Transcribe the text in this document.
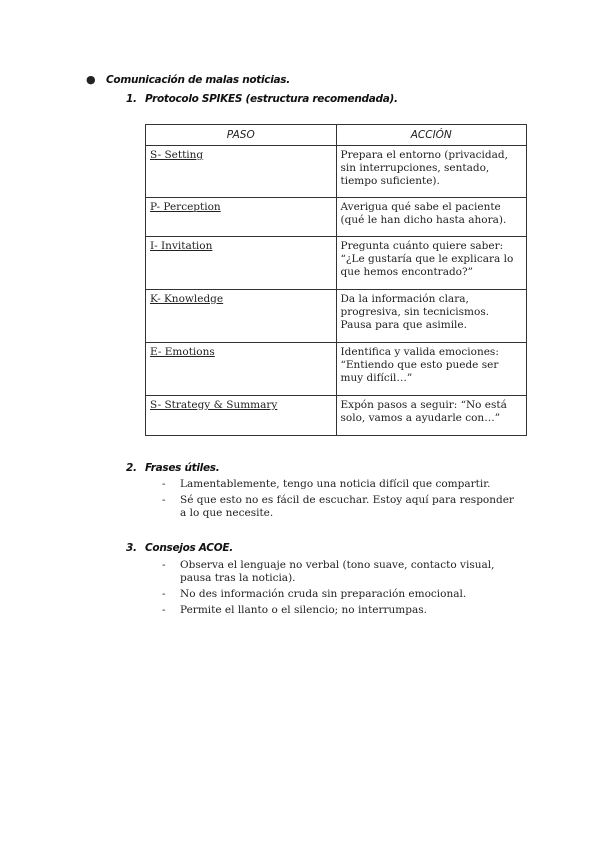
● Comunicación de malas noticias.
1. Protocolo SPIKES (estructura recomendada).
PASO	ACCIÓN
S- Setting	Prepara el entorno (privacidad, sin interrupciones, sentado, tiempo suficiente).
P- Perception	Averigua qué sabe el paciente (qué le han dicho hasta ahora).
I- Invitation	Pregunta cuánto quiere saber: “¿Le gustaría que le explicara lo que hemos encontrado?”
K- Knowledge	Da la información clara, progresiva, sin tecnicismos. Pausa para que asimile.
E- Emotions	Identifica y valida emociones: “Entiendo que esto puede ser muy difícil…”
S- Strategy & Summary	Expón pasos a seguir: “No está solo, vamos a ayudarle con…”
2. Frases útiles.
- Lamentablemente, tengo una noticia difícil que compartir.
- Sé que esto no es fácil de escuchar. Estoy aquí para responder a lo que necesite.
3. Consejos ACOE.
- Observa el lenguaje no verbal (tono suave, contacto visual, pausa tras la noticia).
- No des información cruda sin preparación emocional.
- Permite el llanto o el silencio; no interrumpas.
